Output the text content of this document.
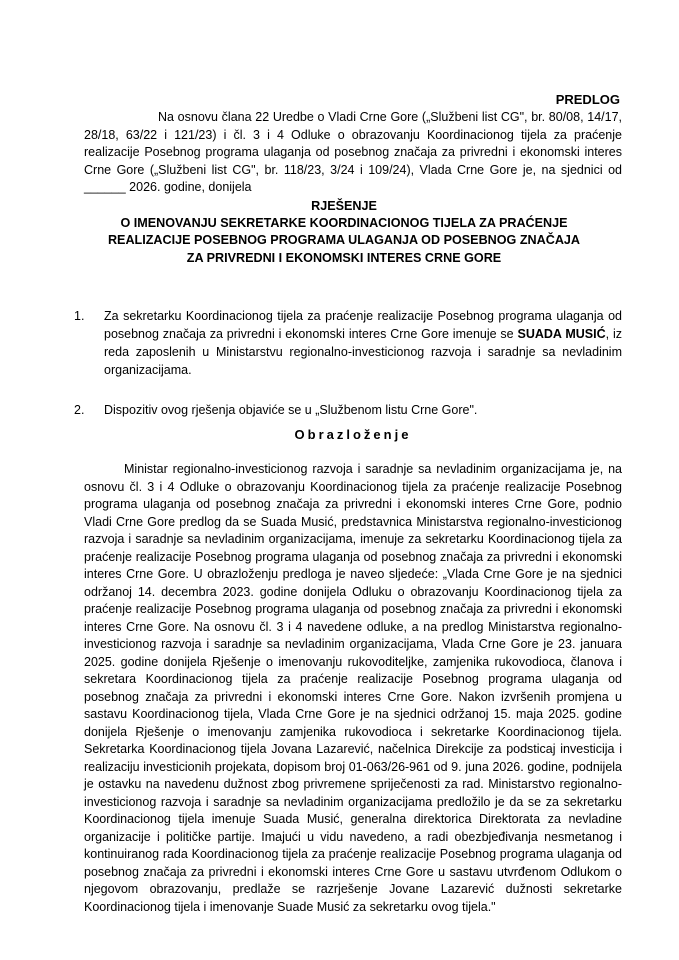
PREDLOG
Na osnovu člana 22 Uredbe o Vladi Crne Gore („Službeni list CG", br. 80/08, 14/17, 28/18, 63/22 i 121/23) i čl. 3 i 4 Odluke o obrazovanju Koordinacionog tijela za praćenje realizacije Posebnog programa ulaganja od posebnog značaja za privredni i ekonomski interes Crne Gore („Službeni list CG", br. 118/23, 3/24 i 109/24), Vlada Crne Gore je, na sjednici od ______ 2026. godine, donijela
RJEŠENJE
O IMENOVANJU SEKRETARKE KOORDINACIONOG TIJELA ZA PRAĆENJE
REALIZACIJE POSEBNOG PROGRAMA ULAGANJA OD POSEBNOG ZNAČAJA
ZA PRIVREDNI I EKONOMSKI INTERES CRNE GORE
1. Za sekretarku Koordinacionog tijela za praćenje realizacije Posebnog programa ulaganja od posebnog značaja za privredni i ekonomski interes Crne Gore imenuje se SUADA MUSIĆ, iz reda zaposlenih u Ministarstvu regionalno-investicionog razvoja i saradnje sa nevladinim organizacijama.
2. Dispozitiv ovog rješenja objaviće se u „Službenom listu Crne Gore".
Obrazloženje
Ministar regionalno-investicionog razvoja i saradnje sa nevladinim organizacijama je, na osnovu čl. 3 i 4 Odluke o obrazovanju Koordinacionog tijela za praćenje realizacije Posebnog programa ulaganja od posebnog značaja za privredni i ekonomski interes Crne Gore, podnio Vladi Crne Gore predlog da se Suada Musić, predstavnica Ministarstva regionalno-investicionog razvoja i saradnje sa nevladinim organizacijama, imenuje za sekretarku Koordinacionog tijela za praćenje realizacije Posebnog programa ulaganja od posebnog značaja za privredni i ekonomski interes Crne Gore. U obrazloženju predloga je naveo sljedeće: „Vlada Crne Gore je na sjednici održanoj 14. decembra 2023. godine donijela Odluku o obrazovanju Koordinacionog tijela za praćenje realizacije Posebnog programa ulaganja od posebnog značaja za privredni i ekonomski interes Crne Gore. Na osnovu čl. 3 i 4 navedene odluke, a na predlog Ministarstva regionalno-investicionog razvoja i saradnje sa nevladinim organizacijama, Vlada Crne Gore je 23. januara 2025. godine donijela Rješenje o imenovanju rukovoditeljke, zamjenika rukovodioca, članova i sekretara Koordinacionog tijela za praćenje realizacije Posebnog programa ulaganja od posebnog značaja za privredni i ekonomski interes Crne Gore. Nakon izvršenih promjena u sastavu Koordinacionog tijela, Vlada Crne Gore je na sjednici održanoj 15. maja 2025. godine donijela Rješenje o imenovanju zamjenika rukovodioca i sekretarke Koordinacionog tijela. Sekretarka Koordinacionog tijela Jovana Lazarević, načelnica Direkcije za podsticaj investicija i realizaciju investicionih projekata, dopisom broj 01-063/26-961 od 9. juna 2026. godine, podnijela je ostavku na navedenu dužnost zbog privremene spriječenosti za rad. Ministarstvo regionalno-investicionog razvoja i saradnje sa nevladinim organizacijama predložilo je da se za sekretarku Koordinacionog tijela imenuje Suada Musić, generalna direktorica Direktorata za nevladine organizacije i političke partije. Imajući u vidu navedeno, a radi obezbjeđivanja nesmetanog i kontinuiranog rada Koordinacionog tijela za praćenje realizacije Posebnog programa ulaganja od posebnog značaja za privredni i ekonomski interes Crne Gore u sastavu utvrđenom Odlukom o njegovom obrazovanju, predlaže se razrješenje Jovane Lazarević dužnosti sekretarke Koordinacionog tijela i imenovanje Suade Musić za sekretarku ovog tijela."
